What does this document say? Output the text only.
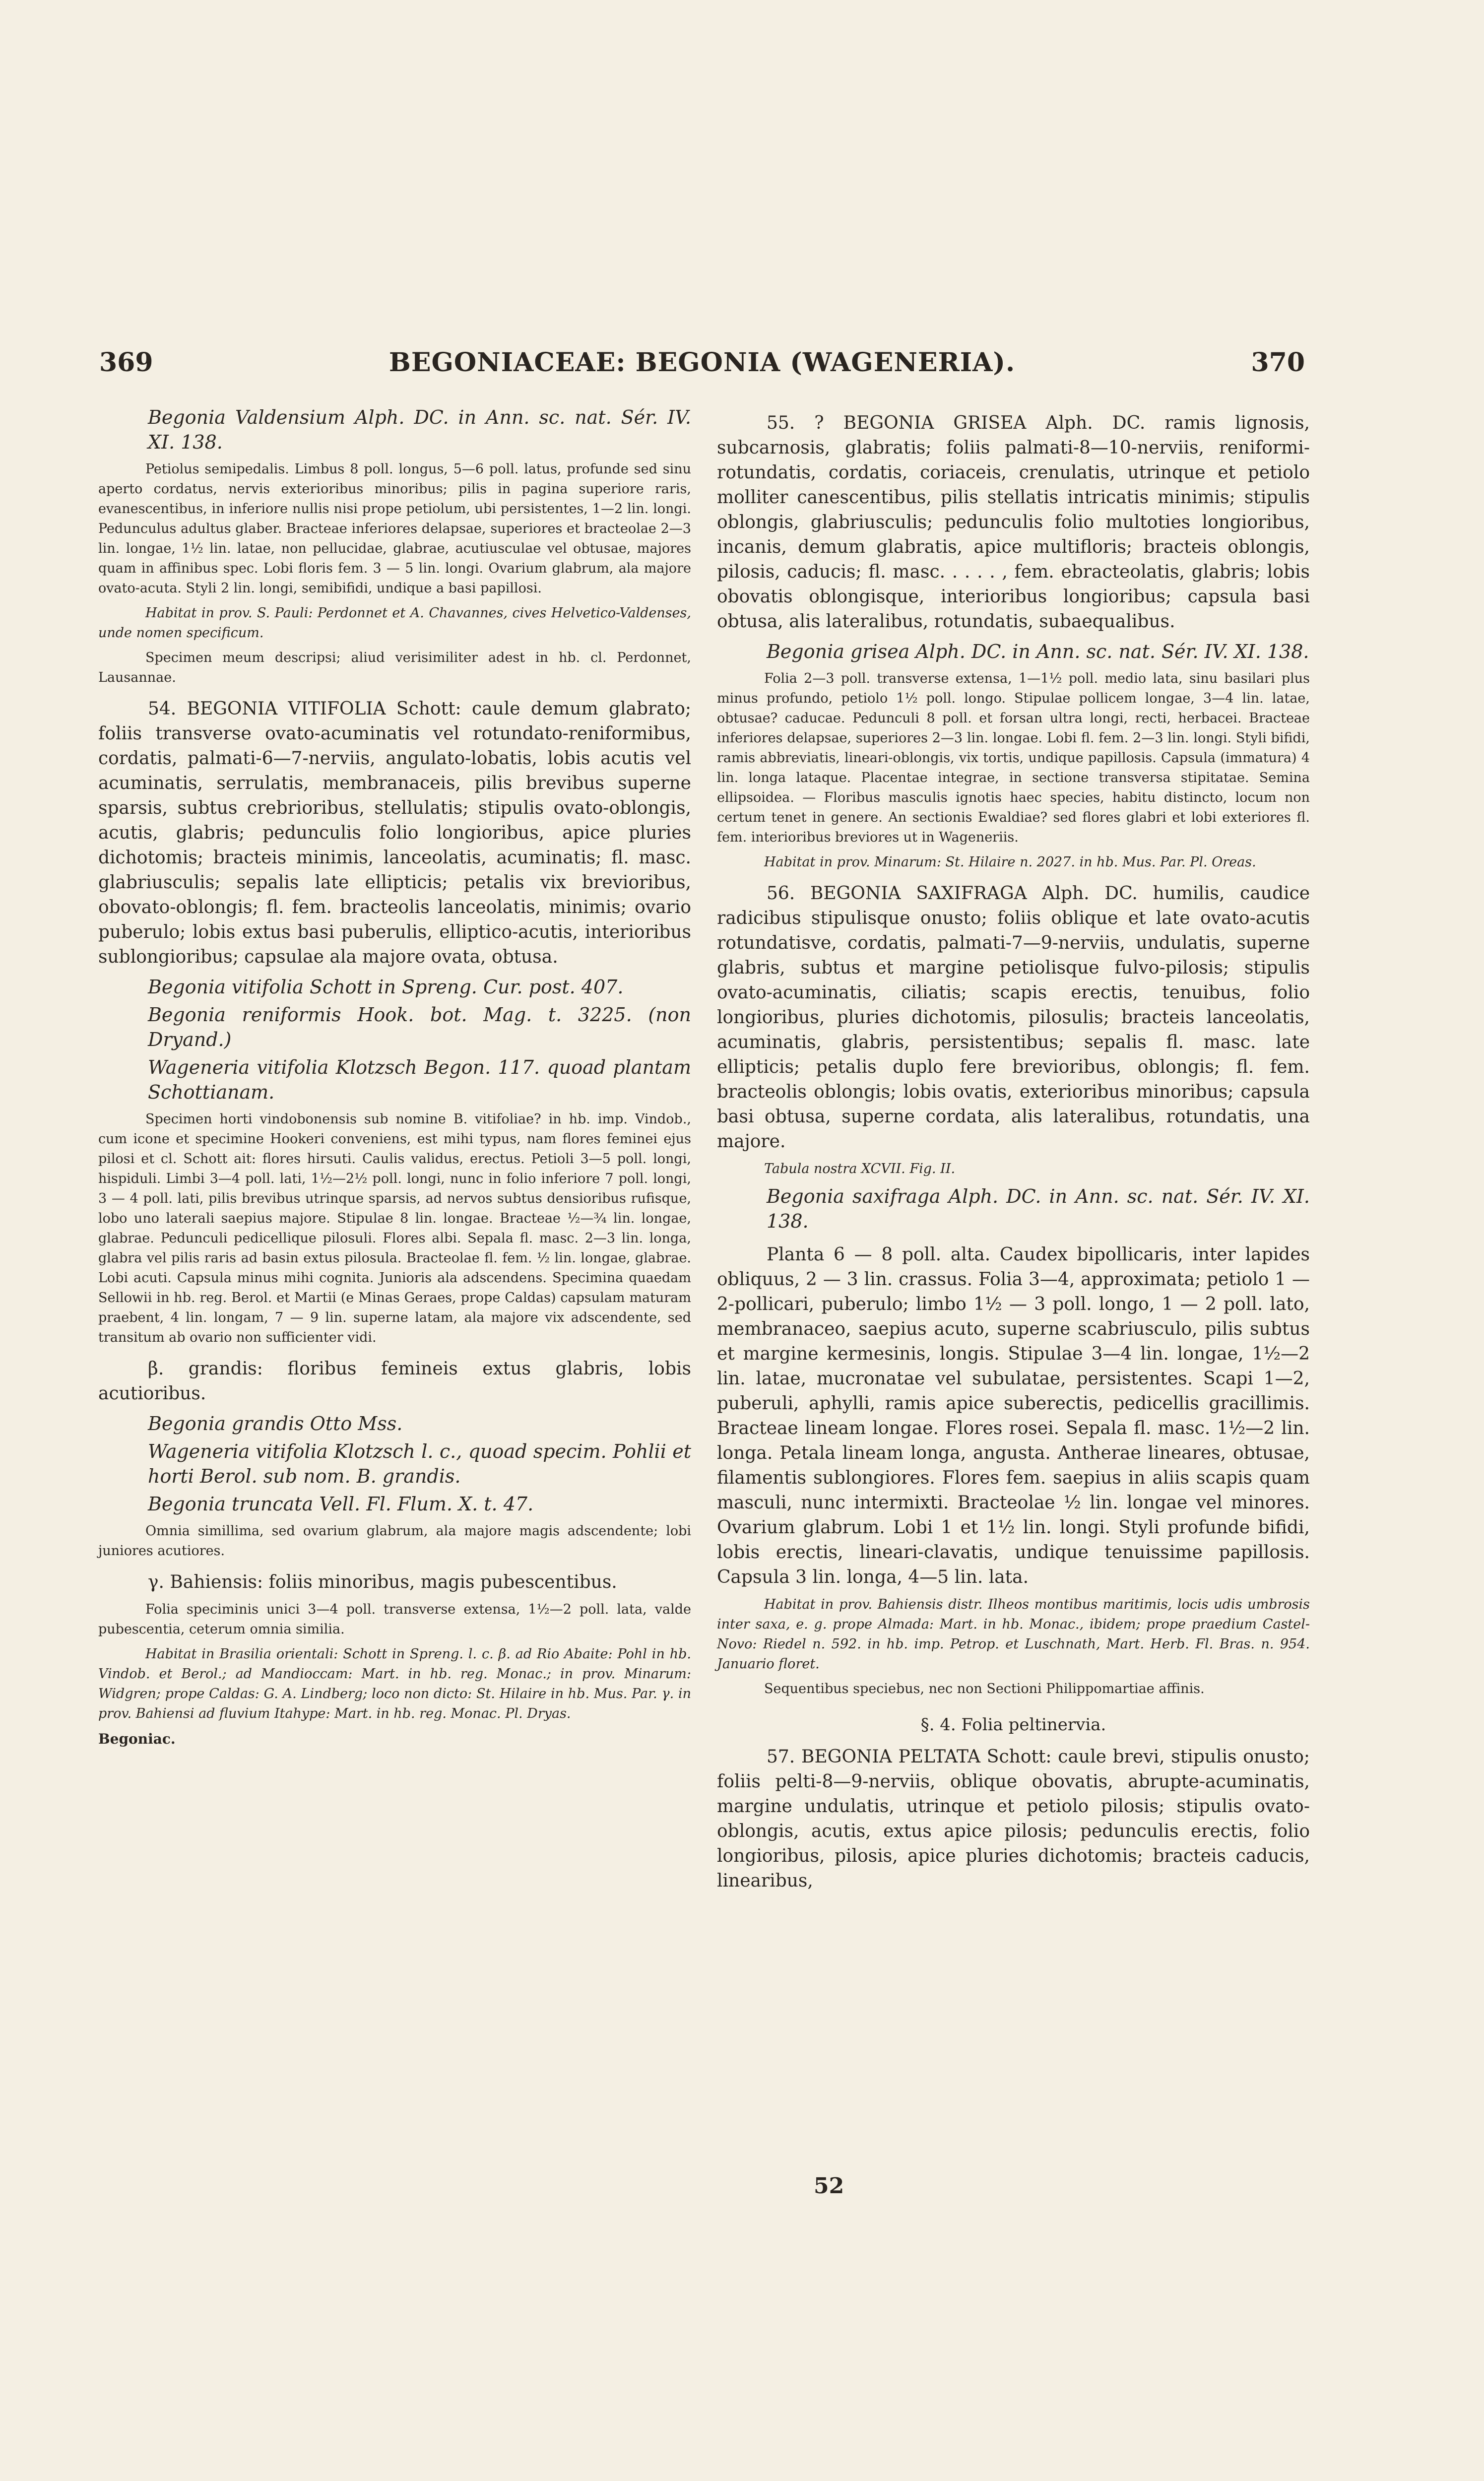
369	BEGONIACEAE: BEGONIA (WAGENERIA).	370

Begonia Valdensium Alph. DC. in Ann. sc. nat. Sér. IV. XI. 138.

Petiolus semipedalis. Limbus 8 poll. longus, 5—6 poll. latus, profunde sed sinu aperto cordatus, nervis exterioribus minoribus; pilis in pagina superiore raris, evanescentibus, in inferiore nullis nisi prope petiolum, ubi persistentes, 1—2 lin. longi. Pedunculus adultus glaber. Bracteae inferiores delapsae, superiores et bracteolae 2—3 lin. longae, 1½ lin. latae, non pellucidae, glabrae, acutiusculae vel obtusae, majores quam in affinibus spec. Lobi floris fem. 3 — 5 lin. longi. Ovarium glabrum, ala majore ovato-acuta. Styli 2 lin. longi, semibifidi, undique a basi papillosi.

Habitat in prov. S. Pauli: Perdonnet et A. Chavannes, cives Helvetico-Valdenses, unde nomen specificum.

Specimen meum descripsi; aliud verisimiliter adest in hb. cl. Perdonnet, Lausannae.

54. BEGONIA VITIFOLIA Schott: caule demum glabrato; foliis transverse ovato-acuminatis vel rotundato-reniformibus, cordatis, palmati-6—7-nerviis, angulato-lobatis, lobis acutis vel acuminatis, serrulatis, membranaceis, pilis brevibus superne sparsis, subtus crebrioribus, stellulatis; stipulis ovato-oblongis, acutis, glabris; pedunculis folio longioribus, apice pluries dichotomis; bracteis minimis, lanceolatis, acuminatis; fl. masc. glabriusculis; sepalis late ellipticis; petalis vix brevioribus, obovato-oblongis; fl. fem. bracteolis lanceolatis, minimis; ovario puberulo; lobis extus basi puberulis, elliptico-acutis, interioribus sublongioribus; capsulae ala majore ovata, obtusa.

Begonia vitifolia Schott in Spreng. Cur. post. 407.

Begonia reniformis Hook. bot. Mag. t. 3225. (non Dryand.)

Wageneria vitifolia Klotzsch Begon. 117. quoad plantam Schottianam.

Specimen horti vindobonensis sub nomine B. vitifoliae? in hb. imp. Vindob., cum icone et specimine Hookeri conveniens, est mihi typus, nam flores feminei ejus pilosi et cl. Schott ait: flores hirsuti. Caulis validus, erectus. Petioli 3—5 poll. longi, hispiduli. Limbi 3—4 poll. lati, 1½—2½ poll. longi, nunc in folio inferiore 7 poll. longi, 3 — 4 poll. lati, pilis brevibus utrinque sparsis, ad nervos subtus densioribus rufisque, lobo uno laterali saepius majore. Stipulae 8 lin. longae. Bracteae ½—¾ lin. longae, glabrae. Pedunculi pedicellique pilosuli. Flores albi. Sepala fl. masc. 2—3 lin. longa, glabra vel pilis raris ad basin extus pilosula. Bracteolae fl. fem. ½ lin. longae, glabrae. Lobi acuti. Capsula minus mihi cognita. Junioris ala adscendens. Specimina quaedam Sellowii in hb. reg. Berol. et Martii (e Minas Geraes, prope Caldas) capsulam maturam praebent, 4 lin. longam, 7 — 9 lin. superne latam, ala majore vix adscendente, sed transitum ab ovario non sufficienter vidi.

β. grandis: floribus femineis extus glabris, lobis acutioribus.

Begonia grandis Otto Mss.

Wageneria vitifolia Klotzsch l. c., quoad specim. Pohlii et horti Berol. sub nom. B. grandis.

Begonia truncata Vell. Fl. Flum. X. t. 47.

Omnia simillima, sed ovarium glabrum, ala majore magis adscendente; lobi juniores acutiores.

γ. Bahiensis: foliis minoribus, magis pubescentibus.

Folia speciminis unici 3—4 poll. transverse extensa, 1½—2 poll. lata, valde pubescentia, ceterum omnia similia.

Habitat in Brasilia orientali: Schott in Spreng. l. c. β. ad Rio Abaite: Pohl in hb. Vindob. et Berol.; ad Mandioccam: Mart. in hb. reg. Monac.; in prov. Minarum: Widgren; prope Caldas: G. A. Lindberg; loco non dicto: St. Hilaire in hb. Mus. Par. γ. in prov. Bahiensi ad fluvium Itahype: Mart. in hb. reg. Monac. Pl. Dryas.

Begoniac.

55. ? BEGONIA GRISEA Alph. DC. ramis lignosis, subcarnosis, glabratis; foliis palmati-8—10-nerviis, reniformi-rotundatis, cordatis, coriaceis, crenulatis, utrinque et petiolo molliter canescentibus, pilis stellatis intricatis minimis; stipulis oblongis, glabriusculis; pedunculis folio multoties longioribus, incanis, demum glabratis, apice multifloris; bracteis oblongis, pilosis, caducis; fl. masc. . . . . , fem. ebracteolatis, glabris; lobis obovatis oblongisque, interioribus longioribus; capsula basi obtusa, alis lateralibus, rotundatis, subaequalibus.

Begonia grisea Alph. DC. in Ann. sc. nat. Sér. IV. XI. 138.

Folia 2—3 poll. transverse extensa, 1—1½ poll. medio lata, sinu basilari plus minus profundo, petiolo 1½ poll. longo. Stipulae pollicem longae, 3—4 lin. latae, obtusae? caducae. Pedunculi 8 poll. et forsan ultra longi, recti, herbacei. Bracteae inferiores delapsae, superiores 2—3 lin. longae. Lobi fl. fem. 2—3 lin. longi. Styli bifidi, ramis abbreviatis, lineari-oblongis, vix tortis, undique papillosis. Capsula (immatura) 4 lin. longa lataque. Placentae integrae, in sectione transversa stipitatae. Semina ellipsoidea. — Floribus masculis ignotis haec species, habitu distincto, locum non certum tenet in genere. An sectionis Ewaldiae? sed flores glabri et lobi exteriores fl. fem. interioribus breviores ut in Wageneriis.

Habitat in prov. Minarum: St. Hilaire n. 2027. in hb. Mus. Par. Pl. Oreas.

56. BEGONIA SAXIFRAGA Alph. DC. humilis, caudice radicibus stipulisque onusto; foliis oblique et late ovato-acutis rotundatisve, cordatis, palmati-7—9-nerviis, undulatis, superne glabris, subtus et margine petiolisque fulvo-pilosis; stipulis ovato-acuminatis, ciliatis; scapis erectis, tenuibus, folio longioribus, pluries dichotomis, pilosulis; bracteis lanceolatis, acuminatis, glabris, persistentibus; sepalis fl. masc. late ellipticis; petalis duplo fere brevioribus, oblongis; fl. fem. bracteolis oblongis; lobis ovatis, exterioribus minoribus; capsula basi obtusa, superne cordata, alis lateralibus, rotundatis, una majore.

Tabula nostra XCVII. Fig. II.

Begonia saxifraga Alph. DC. in Ann. sc. nat. Sér. IV. XI. 138.

Planta 6 — 8 poll. alta. Caudex bipollicaris, inter lapides obliquus, 2 — 3 lin. crassus. Folia 3—4, approximata; petiolo 1 — 2-pollicari, puberulo; limbo 1½ — 3 poll. longo, 1 — 2 poll. lato, membranaceo, saepius acuto, superne scabriusculo, pilis subtus et margine kermesinis, longis. Stipulae 3—4 lin. longae, 1½—2 lin. latae, mucronatae vel subulatae, persistentes. Scapi 1—2, puberuli, aphylli, ramis apice suberectis, pedicellis gracillimis. Bracteae lineam longae. Flores rosei. Sepala fl. masc. 1½—2 lin. longa. Petala lineam longa, angusta. Antherae lineares, obtusae, filamentis sublongiores. Flores fem. saepius in aliis scapis quam masculi, nunc intermixti. Bracteolae ½ lin. longae vel minores. Ovarium glabrum. Lobi 1 et 1½ lin. longi. Styli profunde bifidi, lobis erectis, lineari-clavatis, undique tenuissime papillosis. Capsula 3 lin. longa, 4—5 lin. lata.

Habitat in prov. Bahiensis distr. Ilheos montibus maritimis, locis udis umbrosis inter saxa, e. g. prope Almada: Mart. in hb. Monac., ibidem; prope praedium Castel-Novo: Riedel n. 592. in hb. imp. Petrop. et Luschnath, Mart. Herb. Fl. Bras. n. 954. Januario floret.

Sequentibus speciebus, nec non Sectioni Philippomartiae affinis.

§. 4. Folia peltinervia.

57. BEGONIA PELTATA Schott: caule brevi, stipulis onusto; foliis pelti-8—9-nerviis, oblique obovatis, abrupte-acuminatis, margine undulatis, utrinque et petiolo pilosis; stipulis ovato-oblongis, acutis, extus apice pilosis; pedunculis erectis, folio longioribus, pilosis, apice pluries dichotomis; bracteis caducis, linearibus,

52
